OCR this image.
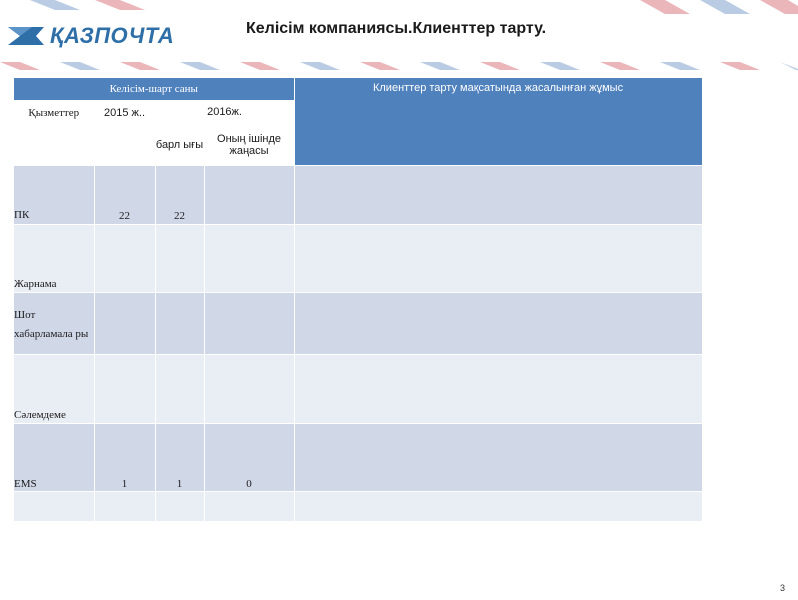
ҚАЗПОЧТА	Келісім компаниясы.Клиенттер тарту.
Келісім-шарт саны				Клиенттер тарту мақсатында жасалынған жұмыс
Қызметтер	2015 ж..	2016ж.		
		барл ығы	Оның ішінде жаңасы	
ПК	22	22		
Жарнама				
Шот хабарламала ры				
Сәлемдеме				
EMS	1	1	0	

3
